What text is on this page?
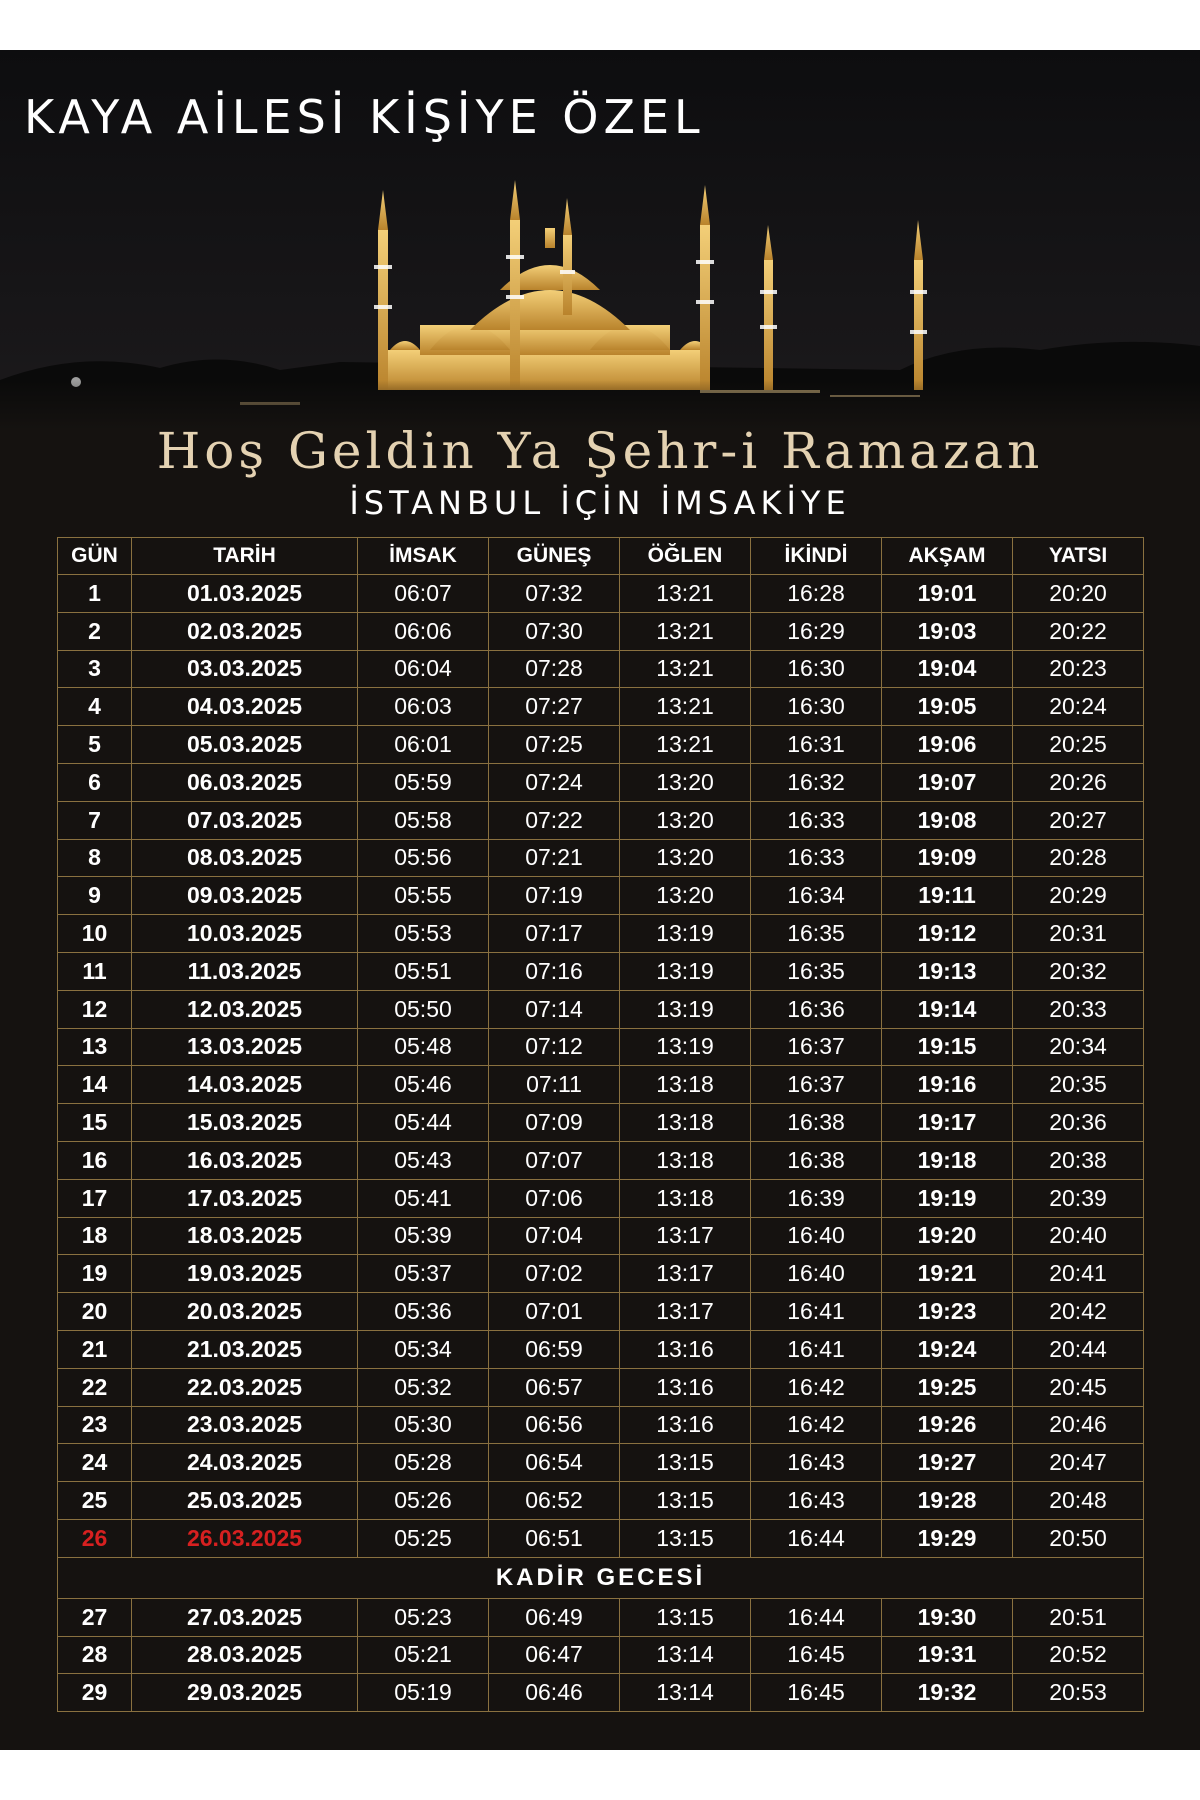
KAYA AİLESİ KİŞİYE ÖZEL
Hoş Geldin Ya Şehr-i Ramazan
İSTANBUL İÇİN İMSAKİYE
GÜN	TARİH	İMSAK	GÜNEŞ	ÖĞLEN	İKİNDİ	AKŞAM	YATSI
1	01.03.2025	06:07	07:32	13:21	16:28	19:01	20:20
2	02.03.2025	06:06	07:30	13:21	16:29	19:03	20:22
3	03.03.2025	06:04	07:28	13:21	16:30	19:04	20:23
4	04.03.2025	06:03	07:27	13:21	16:30	19:05	20:24
5	05.03.2025	06:01	07:25	13:21	16:31	19:06	20:25
6	06.03.2025	05:59	07:24	13:20	16:32	19:07	20:26
7	07.03.2025	05:58	07:22	13:20	16:33	19:08	20:27
8	08.03.2025	05:56	07:21	13:20	16:33	19:09	20:28
9	09.03.2025	05:55	07:19	13:20	16:34	19:11	20:29
10	10.03.2025	05:53	07:17	13:19	16:35	19:12	20:31
11	11.03.2025	05:51	07:16	13:19	16:35	19:13	20:32
12	12.03.2025	05:50	07:14	13:19	16:36	19:14	20:33
13	13.03.2025	05:48	07:12	13:19	16:37	19:15	20:34
14	14.03.2025	05:46	07:11	13:18	16:37	19:16	20:35
15	15.03.2025	05:44	07:09	13:18	16:38	19:17	20:36
16	16.03.2025	05:43	07:07	13:18	16:38	19:18	20:38
17	17.03.2025	05:41	07:06	13:18	16:39	19:19	20:39
18	18.03.2025	05:39	07:04	13:17	16:40	19:20	20:40
19	19.03.2025	05:37	07:02	13:17	16:40	19:21	20:41
20	20.03.2025	05:36	07:01	13:17	16:41	19:23	20:42
21	21.03.2025	05:34	06:59	13:16	16:41	19:24	20:44
22	22.03.2025	05:32	06:57	13:16	16:42	19:25	20:45
23	23.03.2025	05:30	06:56	13:16	16:42	19:26	20:46
24	24.03.2025	05:28	06:54	13:15	16:43	19:27	20:47
25	25.03.2025	05:26	06:52	13:15	16:43	19:28	20:48
26	26.03.2025	05:25	06:51	13:15	16:44	19:29	20:50
KADİR GECESİ							
27	27.03.2025	05:23	06:49	13:15	16:44	19:30	20:51
28	28.03.2025	05:21	06:47	13:14	16:45	19:31	20:52
29	29.03.2025	05:19	06:46	13:14	16:45	19:32	20:53
